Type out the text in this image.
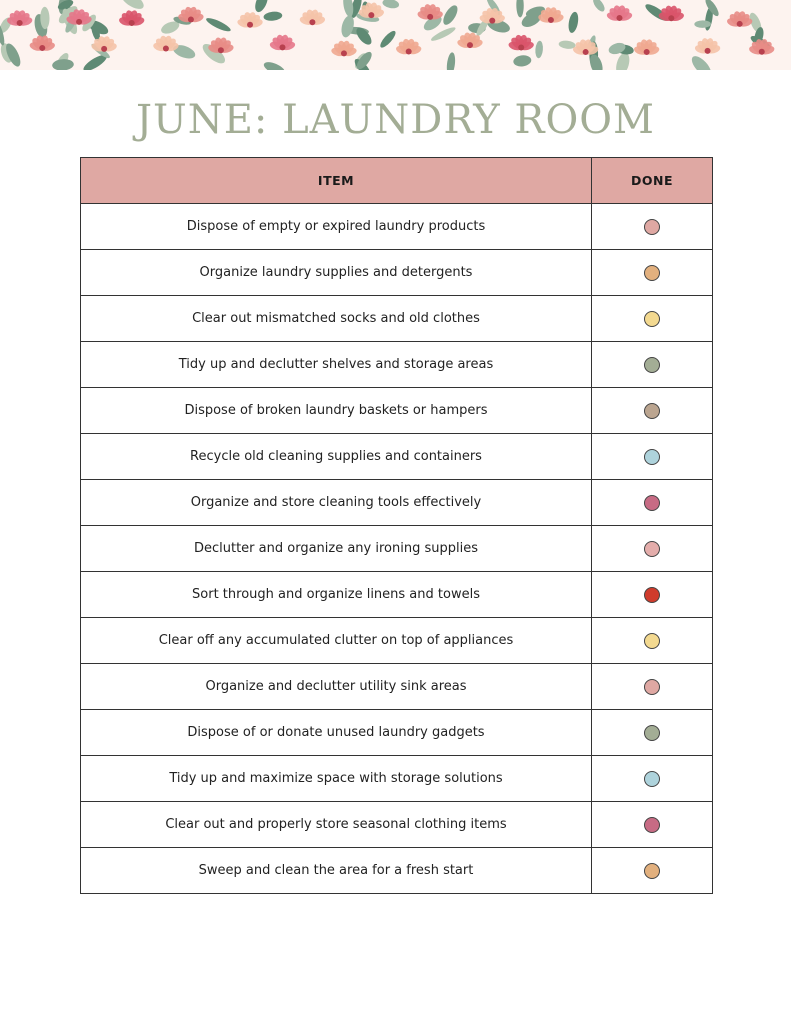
JUNE: LAUNDRY ROOM
ITEM	DONE
Dispose of empty or expired laundry products	
Organize laundry supplies and detergents	
Clear out mismatched socks and old clothes	
Tidy up and declutter shelves and storage areas	
Dispose of broken laundry baskets or hampers	
Recycle old cleaning supplies and containers	
Organize and store cleaning tools effectively	
Declutter and organize any ironing supplies	
Sort through and organize linens and towels	
Clear off any accumulated clutter on top of appliances	
Organize and declutter utility sink areas	
Dispose of or donate unused laundry gadgets	
Tidy up and maximize space with storage solutions	
Clear out and properly store seasonal clothing items	
Sweep and clean the area for a fresh start	
